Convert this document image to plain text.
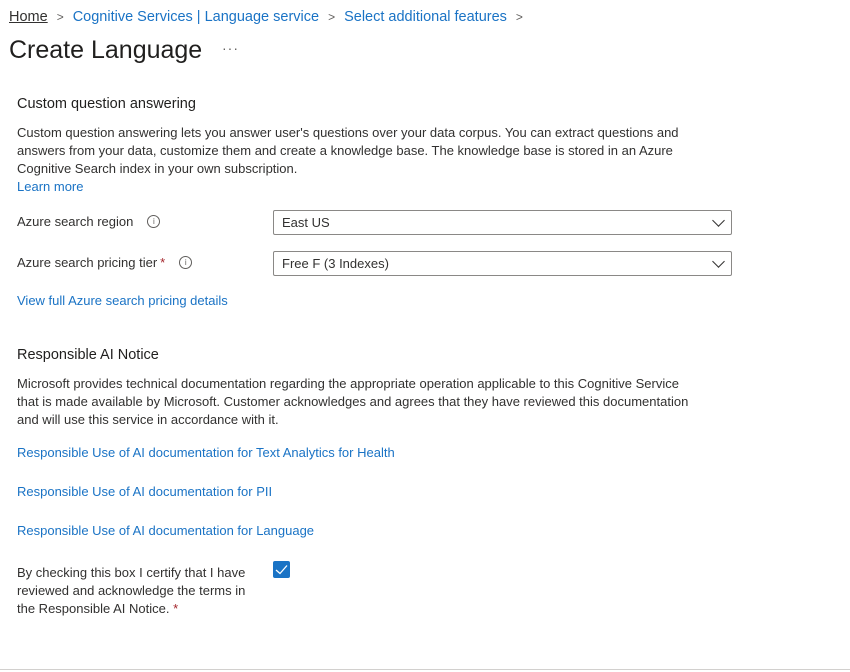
Home > Cognitive Services | Language service > Select additional features >
Create Language ···
Custom question answering
Custom question answering lets you answer user's questions over your data corpus. You can extract questions and
answers from your data, customize them and create a knowledge base. The knowledge base is stored in an Azure
Cognitive Search index in your own subscription.
Learn more
Azure search region	i	East US
Azure search pricing tier *	i	Free F (3 Indexes)
View full Azure search pricing details
Responsible AI Notice
Microsoft provides technical documentation regarding the appropriate operation applicable to this Cognitive Service
that is made available by Microsoft. Customer acknowledges and agrees that they have reviewed this documentation
and will use this service in accordance with it.
Responsible Use of AI documentation for Text Analytics for Health
Responsible Use of AI documentation for PII
Responsible Use of AI documentation for Language
By checking this box I certify that I have
reviewed and acknowledge the terms in
the Responsible AI Notice. *
